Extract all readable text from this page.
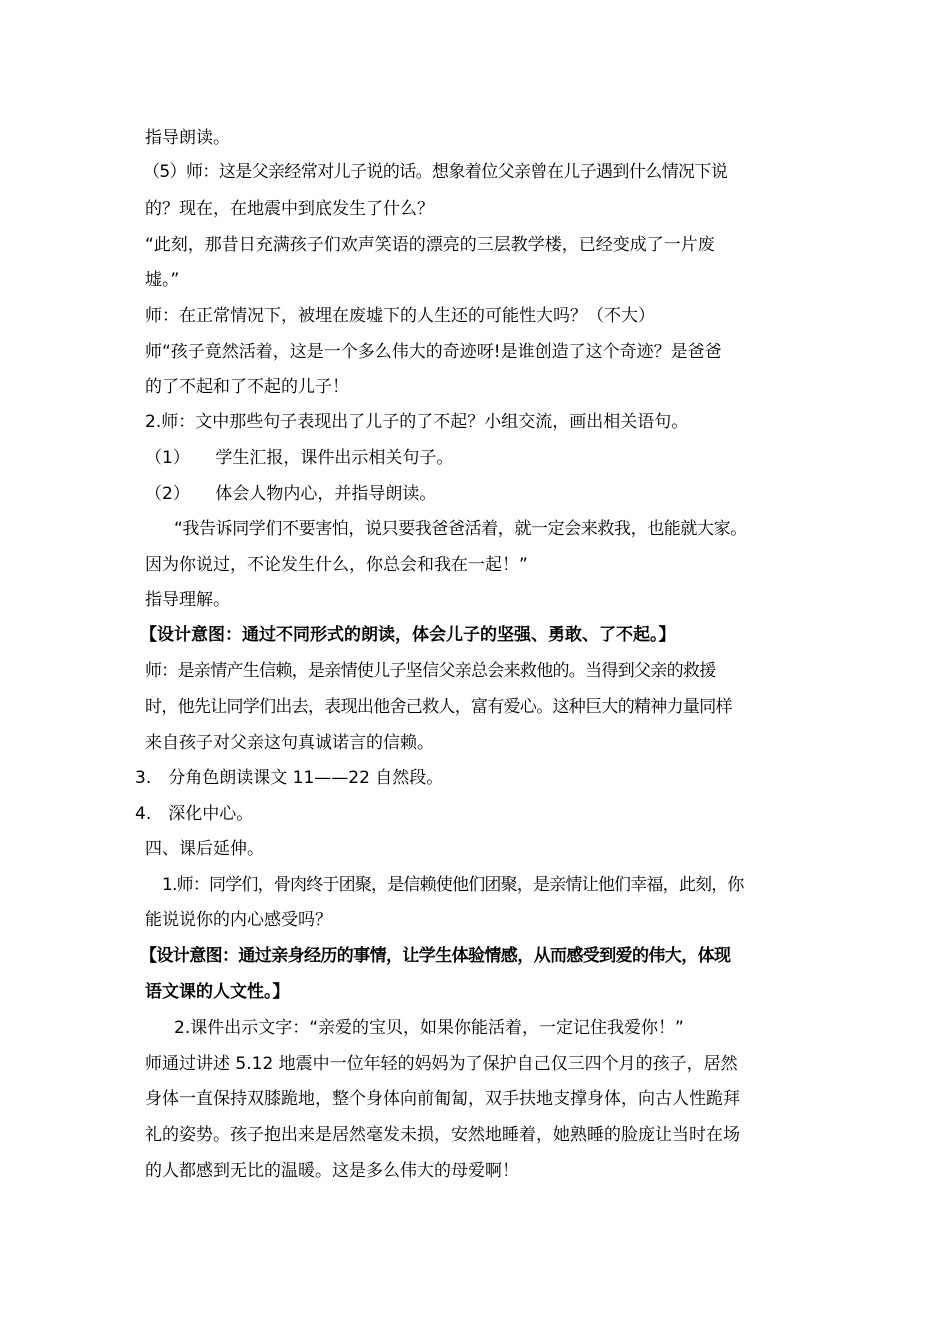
指导朗读。

（5）师：这是父亲经常对儿子说的话。想象着位父亲曾在儿子遇到什么情况下说

的？现在，在地震中到底发生了什么？

“此刻，那昔日充满孩子们欢声笑语的漂亮的三层教学楼，已经变成了一片废

墟。”

师：在正常情况下，被埋在废墟下的人生还的可能性大吗？（不大）

师“孩子竟然活着，这是一个多么伟大的奇迹呀!是谁创造了这个奇迹？是爸爸

的了不起和了不起的儿子！

2.师：文中那些句子表现出了儿子的了不起？小组交流，画出相关语句。

（1）　　学生汇报，课件出示相关句子。

（2）　　体会人物内心，并指导朗读。

“我告诉同学们不要害怕，说只要我爸爸活着，就一定会来救我，也能就大家。

因为你说过，不论发生什么，你总会和我在一起！”

指导理解。

【设计意图：通过不同形式的朗读，体会儿子的坚强、勇敢、了不起。】

师：是亲情产生信赖，是亲情使儿子坚信父亲总会来救他的。当得到父亲的救援

时，他先让同学们出去，表现出他舍己救人，富有爱心。这种巨大的精神力量同样

来自孩子对父亲这句真诚诺言的信赖。

3.　分角色朗读课文 11——22 自然段。

4.　深化中心。

四、课后延伸。

1.师：同学们，骨肉终于团聚，是信赖使他们团聚，是亲情让他们幸福，此刻，你

能说说你的内心感受吗？

【设计意图：通过亲身经历的事情，让学生体验情感，从而感受到爱的伟大，体现

语文课的人文性。】

2.课件出示文字：“亲爱的宝贝，如果你能活着，一定记住我爱你！”

师通过讲述 5.12 地震中一位年轻的妈妈为了保护自己仅三四个月的孩子，居然

身体一直保持双膝跪地，整个身体向前匍匐，双手扶地支撑身体，向古人性跪拜

礼的姿势。孩子抱出来是居然毫发未损，安然地睡着，她熟睡的脸庞让当时在场

的人都感到无比的温暖。这是多么伟大的母爱啊！
